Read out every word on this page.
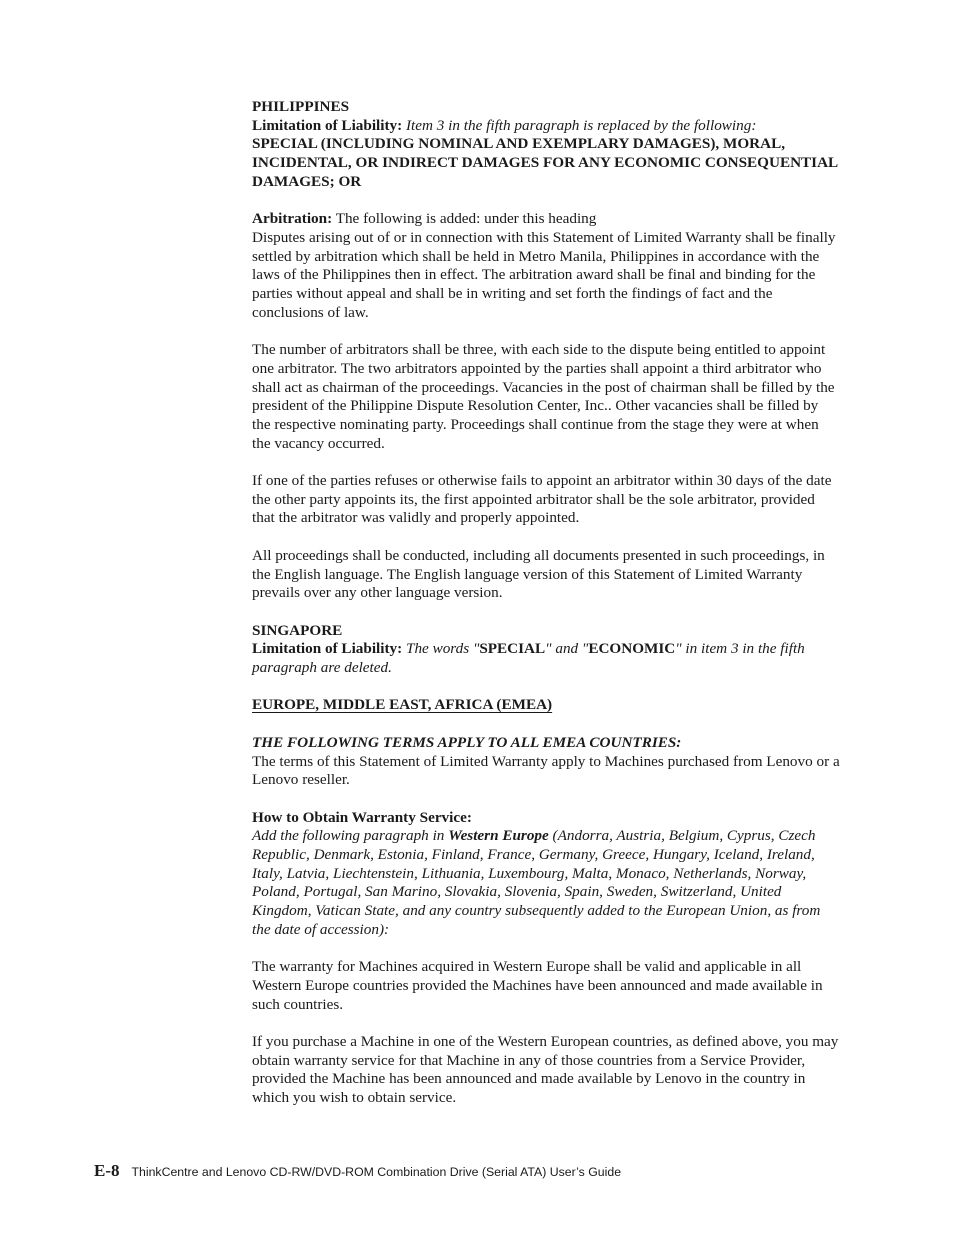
PHILIPPINES

Limitation of Liability: Item 3 in the fifth paragraph is replaced by the following:

SPECIAL (INCLUDING NOMINAL AND EXEMPLARY DAMAGES), MORAL, INCIDENTAL, OR INDIRECT DAMAGES FOR ANY ECONOMIC CONSEQUENTIAL DAMAGES; OR

Arbitration: The following is added: under this heading

Disputes arising out of or in connection with this Statement of Limited Warranty shall be finally settled by arbitration which shall be held in Metro Manila, Philippines in accordance with the laws of the Philippines then in effect. The arbitration award shall be final and binding for the parties without appeal and shall be in writing and set forth the findings of fact and the conclusions of law.

The number of arbitrators shall be three, with each side to the dispute being entitled to appoint one arbitrator. The two arbitrators appointed by the parties shall appoint a third arbitrator who shall act as chairman of the proceedings. Vacancies in the post of chairman shall be filled by the president of the Philippine Dispute Resolution Center, Inc.. Other vacancies shall be filled by the respective nominating party. Proceedings shall continue from the stage they were at when the vacancy occurred.

If one of the parties refuses or otherwise fails to appoint an arbitrator within 30 days of the date the other party appoints its, the first appointed arbitrator shall be the sole arbitrator, provided that the arbitrator was validly and properly appointed.

All proceedings shall be conducted, including all documents presented in such proceedings, in the English language. The English language version of this Statement of Limited Warranty prevails over any other language version.

SINGAPORE

Limitation of Liability: The words "SPECIAL" and "ECONOMIC" in item 3 in the fifth paragraph are deleted.

EUROPE, MIDDLE EAST, AFRICA (EMEA)

THE FOLLOWING TERMS APPLY TO ALL EMEA COUNTRIES:

The terms of this Statement of Limited Warranty apply to Machines purchased from Lenovo or a Lenovo reseller.

How to Obtain Warranty Service:

Add the following paragraph in Western Europe (Andorra, Austria, Belgium, Cyprus, Czech Republic, Denmark, Estonia, Finland, France, Germany, Greece, Hungary, Iceland, Ireland, Italy, Latvia, Liechtenstein, Lithuania, Luxembourg, Malta, Monaco, Netherlands, Norway, Poland, Portugal, San Marino, Slovakia, Slovenia, Spain, Sweden, Switzerland, United Kingdom, Vatican State, and any country subsequently added to the European Union, as from the date of accession):

The warranty for Machines acquired in Western Europe shall be valid and applicable in all Western Europe countries provided the Machines have been announced and made available in such countries.

If you purchase a Machine in one of the Western European countries, as defined above, you may obtain warranty service for that Machine in any of those countries from a Service Provider, provided the Machine has been announced and made available by Lenovo in the country in which you wish to obtain service.

E-8 ThinkCentre and Lenovo CD-RW/DVD-ROM Combination Drive (Serial ATA) User’s Guide
